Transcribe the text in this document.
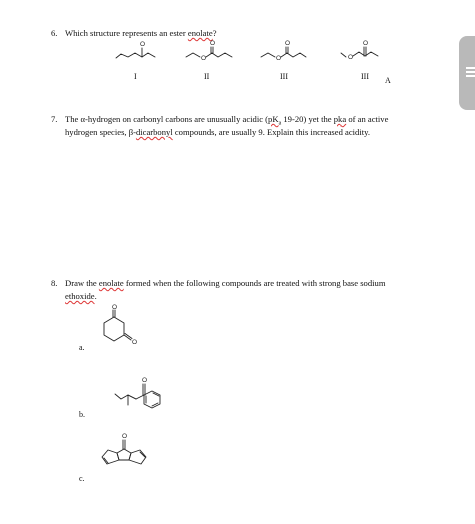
6. Which structure represents an ester enolate?
O
I
O
O
II
O
O
III
O
O
III A
7. The α-hydrogen on carbonyl carbons are unusually acidic ($pK_a$ 19-20) yet the pka of an active
hydrogen species, β-dicarbonyl compounds, are usually 9. Explain this increased acidity.
8. Draw the enolate formed when the following compounds are treated with strong base sodium
ethoxide.
a.
O
O
b.
O
c.
O
